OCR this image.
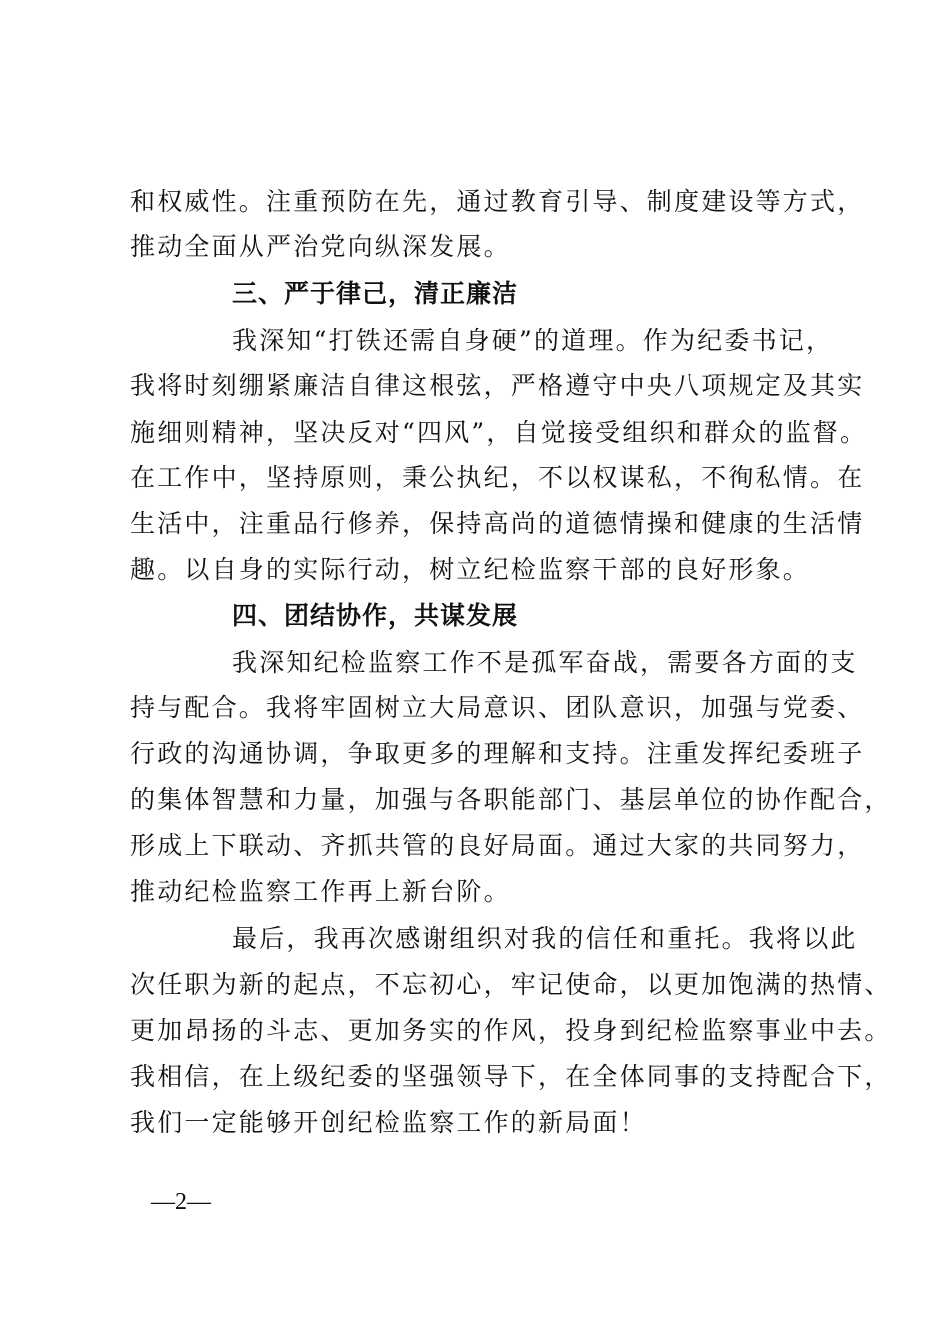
和权威性。注重预防在先，通过教育引导、制度建设等方式，
推动全面从严治党向纵深发展。
三、严于律己，清正廉洁
我深知“打铁还需自身硬”的道理。作为纪委书记，
我将时刻绷紧廉洁自律这根弦，严格遵守中央八项规定及其实
施细则精神，坚决反对“四风”，自觉接受组织和群众的监督。
在工作中，坚持原则，秉公执纪，不以权谋私，不徇私情。在
生活中，注重品行修养，保持高尚的道德情操和健康的生活情
趣。以自身的实际行动，树立纪检监察干部的良好形象。
四、团结协作，共谋发展
我深知纪检监察工作不是孤军奋战，需要各方面的支
持与配合。我将牢固树立大局意识、团队意识，加强与党委、
行政的沟通协调，争取更多的理解和支持。注重发挥纪委班子
的集体智慧和力量，加强与各职能部门、基层单位的协作配合，
形成上下联动、齐抓共管的良好局面。通过大家的共同努力，
推动纪检监察工作再上新台阶。
最后，我再次感谢组织对我的信任和重托。我将以此
次任职为新的起点，不忘初心，牢记使命，以更加饱满的热情、
更加昂扬的斗志、更加务实的作风，投身到纪检监察事业中去。
我相信，在上级纪委的坚强领导下，在全体同事的支持配合下，
我们一定能够开创纪检监察工作的新局面！
—2—
